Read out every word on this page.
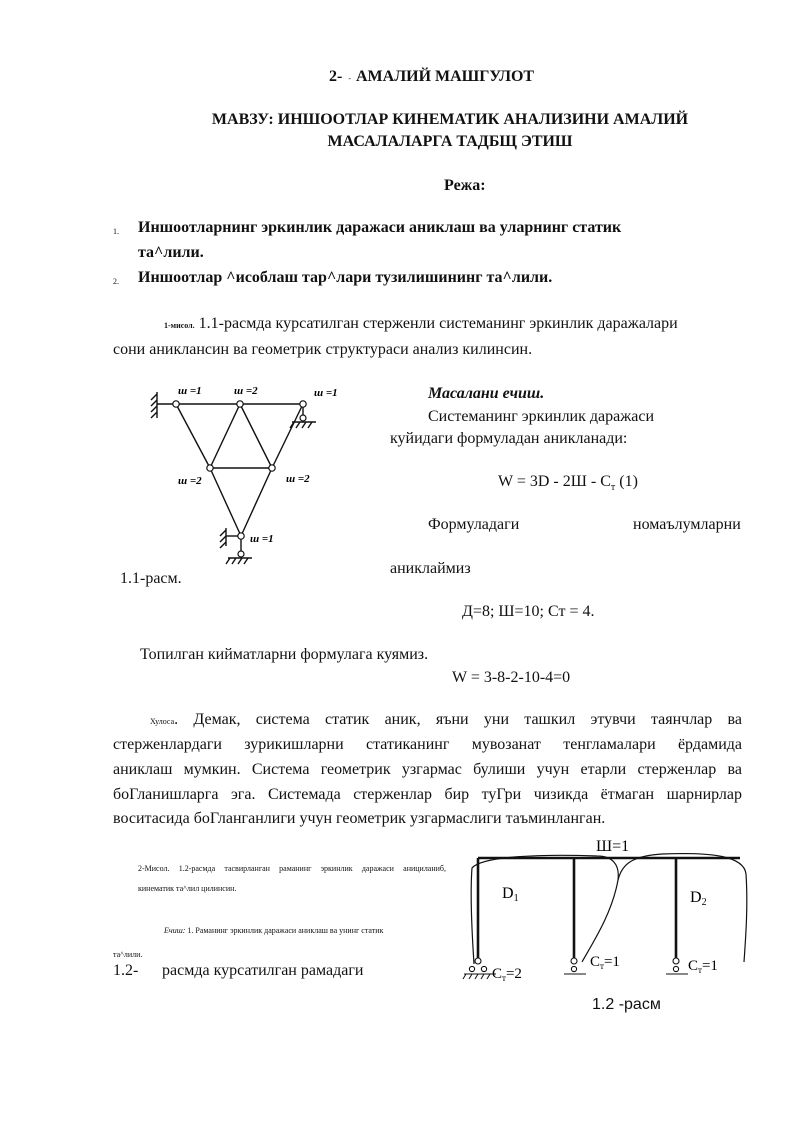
2- - АМАЛИЙ МАШГУЛОТ
МАВЗУ: ИНШООТЛАР КИНЕМАТИК АНАЛИЗИНИ АМАЛИЙ
МАСАЛАЛАРГА ТАДБЩ ЭТИШ
Режа:
1. Иншоотларнинг эркинлик даражаси аниклаш ва уларнинг статик
та^лили.
2. Иншоотлар ^исоблаш тар^лари тузилишининг та^лили.
1-мисол. 1.1-расмда курсатилган стерженли системанинг эркинлик даражалари
сони аниклансин ва геометрик структураси анализ килинсин.
ш =1	ш =2	ш =1
ш =2	ш =2
ш =1
1.1-расм.
Масалани ечиш.
Системанинг эркинлик даражаси
куйидаги формуладан аникланади:
$W = 3D - 2Ш - C_т$ (1)
Формуладаги	номаълумларни
аниклаймиз
Д=8; Ш=10; Ст = 4.
Топилган кийматларни формулага куямиз.
W = 3-8-2-10-4=0
Хулоса. Демак, система статик аник, яъни уни ташкил этувчи таянчлар ва
стерженлардаги зурикишларни статиканинг мувозанат тенгламалари ёрдамида
аниклаш мумкин. Система геометрик узгармас булиши учун етарли стерженлар ва
боГланишларга эга. Системада стерженлар бир туГри чизикда ётмаган шарнирлар
воситасида боГланганлиги учун геометрик узгармаслиги таъминланган.
2-Мисол. 1.2-расмда тасвирланган раманинг эркинлик даражаси анициланиб,
кинематик та^лил цилинсин.
Ечиш: 1. Раманинг эркинлик даражаси аниклаш ва унинг статик
та^лили.
1.2- расмда курсатилган рамадаги
Ш=1
D1	D2
$C_т=2$
$C_т=1$	$C_т=1$
1.2 -расм
